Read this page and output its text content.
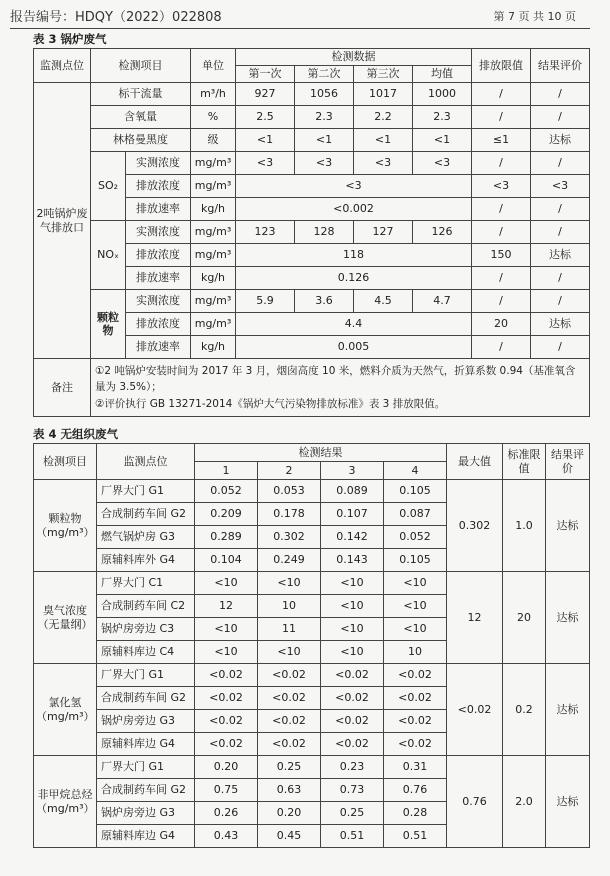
报告编号：HDQY（2022）022808	第 7 页 共 10 页
表 3 锅炉废气
监测点位	检测项目		单位	检测数据				排放限值	结果评价
				第一次	第二次	第三次	均值		
2吨锅炉废气排放口	标干流量		m³/h	927	1056	1017	1000	/	/
	含氧量		%	2.5	2.3	2.2	2.3	/	/
	林格曼黑度		级	<1	<1	<1	<1	≤1	达标
	SO₂	实测浓度	mg/m³	<3	<3	<3	<3	/	/
		排放浓度	mg/m³	<3				<3	<3
		排放速率	kg/h	<0.002				/	/
	NOₓ	实测浓度	mg/m³	123	128	127	126	/	/
		排放浓度	mg/m³	118				150	达标
		排放速率	kg/h	0.126				/	/
	颗粒物	实测浓度	mg/m³	5.9	3.6	4.5	4.7	/	/
		排放浓度	mg/m³	4.4				20	达标
		排放速率	kg/h	0.005				/	/
备注	①2 吨锅炉安装时间为 2017 年 3 月，烟囱高度 10 米，燃料介质为天然气，折算系数 0.94（基准氧含量为 3.5%）；
②评价执行 GB 13271-2014《锅炉大气污染物排放标准》表 3 排放限值。								
表 4 无组织废气
检测项目	监测点位	检测结果				最大值	标准限值	结果评价
		1	2	3	4			
颗粒物（mg/m³）	厂界大门 G1	0.052	0.053	0.089	0.105	0.302	1.0	达标
	合成制药车间 G2	0.209	0.178	0.107	0.087			
	燃气锅炉房 G3	0.289	0.302	0.142	0.052			
	原辅料库外 G4	0.104	0.249	0.143	0.105			
臭气浓度（无量纲）	厂界大门 C1	<10	<10	<10	<10	12	20	达标
	合成制药车间 C2	12	10	<10	<10			
	锅炉房旁边 C3	<10	11	<10	<10			
	原辅料库边 C4	<10	<10	<10	10			
氯化氢（mg/m³）	厂界大门 G1	<0.02	<0.02	<0.02	<0.02	<0.02	0.2	达标
	合成制药车间 G2	<0.02	<0.02	<0.02	<0.02			
	锅炉房旁边 G3	<0.02	<0.02	<0.02	<0.02			
	原辅料库边 G4	<0.02	<0.02	<0.02	<0.02			
非甲烷总烃（mg/m³）	厂界大门 G1	0.20	0.25	0.23	0.31	0.76	2.0	达标
	合成制药车间 G2	0.75	0.63	0.73	0.76			
	锅炉房旁边 G3	0.26	0.20	0.25	0.28			
	原辅料库边 G4	0.43	0.45	0.51	0.51			
